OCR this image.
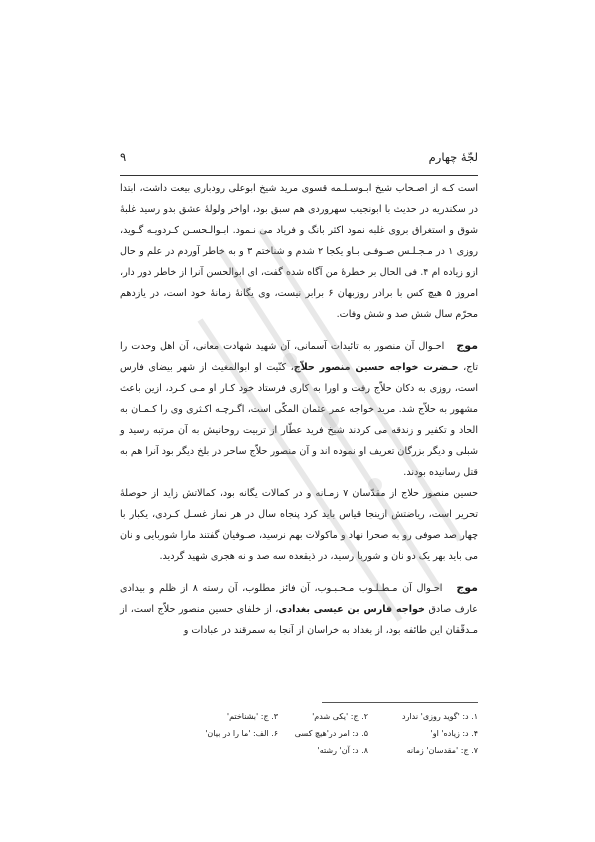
لجّهٔ چهارم
۹

است کـه از اصـحاب شیخ ابـوسـلـمه قسوی مرید شیخ ابوعلی رودباری بیعت داشت، ابتدا در سکندریه در حدیث با ابونجیب سهروردی هم سبق بود، اواخر ولولهٔ عشق بدو رسید غلبهٔ شوق و استغراق بروی غلبه نمود اکثر بانگ و فریاد می نـمود. ابـوالـحسـن کـردویـه گـوید، روزی ۱ در مـجـلـس صـوفـی بـاو یکجا ۲ شدم و شناختم ۳ و به خاطر آوردم در علم و حال ازو زیاده ام ۴. فی الحال بر خطرهٔ من آگاه شده گفت، ای ابوالحسن آنرا از خاطر دور دار، امروز ۵ هیچ کس با برادر روزبهان ۶ برابر نیست، وی یگانهٔ زمانهٔ خود است، در یازدهم محرّم سال شش صد و شش وفات.

موج   احـوال آن منصور به تائیدات آسمانی، آن شهید شهادت معانی، آن اهل وحدت را تاج، حـضرت خواجه حسین منصور حلاّج، کنّیت او ابوالمغیث از شهر بیضای فارس است، روزی به دکان حلاّج رفت و اورا به کاری فرستاد خود کـار او مـی کـرد، ازین باعث مشهور به حلاّج شد. مرید خواجه عمر عثمان المکّی است، اگـرچـه اکـثری وی را کـمـان به الحاد و تکفیر و زندقه می کردند شیخ فرید عطّار از تربیت روحانیش به آن مرتبه رسید و شبلی و دیگر بزرگان تعریف او نموده اند و آن منصور حلاّج ساحر در بلخ دیگر بود آنرا هم به قتل رسانیده بودند.

حسین منصور حلاج از مقدّسان ۷ زمـانه و در کمالات یگانه بود، کمالاتش زاید از حوصلهٔ تحریر است، ریاضتش ازینجا قیاس باید کرد پنجاه سال در هر نماز غسـل کـردی، یکبار با چهار صد صوفی رو به صحرا نهاد و ماکولات بهم نرسید، صـوفیان گفتند مارا شوربایی و نان می باید بهر یک دو نان و شوربا رسید، در ذیقعده سه صد و نه هجری شهید گردید.

موج   احـوال آن مـطـلـوب مـحـبـوب، آن فائز مطلوب، آن رسته ۸ از ظلم و بیدادی عارف صادق خواجه فارس بن عیسی بغدادی، از خلفای حسین منصور حلاّج است، از مـدقّقان این طائفه بود، از بغداد به خراسان از آنجا به سمرقند در عبادات و

۱. د: 'گوید روزی' ندارد
۲. ج: 'یکی شدم'
۳. ج: 'بشناختم'
۴. د: زیاده' او'
۵. د: امر در'هیچ کسی
۶. الف: 'ما را در بیان'
۷. ج: 'مقدسان' زمانه
۸. د: آن' رشته'
